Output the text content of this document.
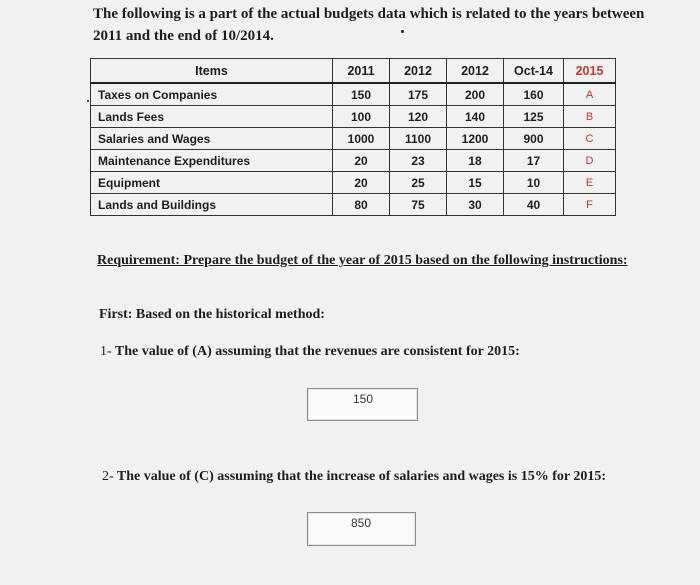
The following is a part of the actual budgets data which is related to the years between
2011 and the end of 10/2014.
Items	2011	2012	2012	Oct-14	2015
Taxes on Companies	150	175	200	160	A
Lands Fees	100	120	140	125	B
Salaries and Wages	1000	1100	1200	900	C
Maintenance Expenditures	20	23	18	17	D
Equipment	20	25	15	10	E
Lands and Buildings	80	75	30	40	F
Requirement: Prepare the budget of the year of 2015 based on the following instructions:
First: Based on the historical method:
1- The value of (A) assuming that the revenues are consistent for 2015:
150
2- The value of (C) assuming that the increase of salaries and wages is 15% for 2015:
850
